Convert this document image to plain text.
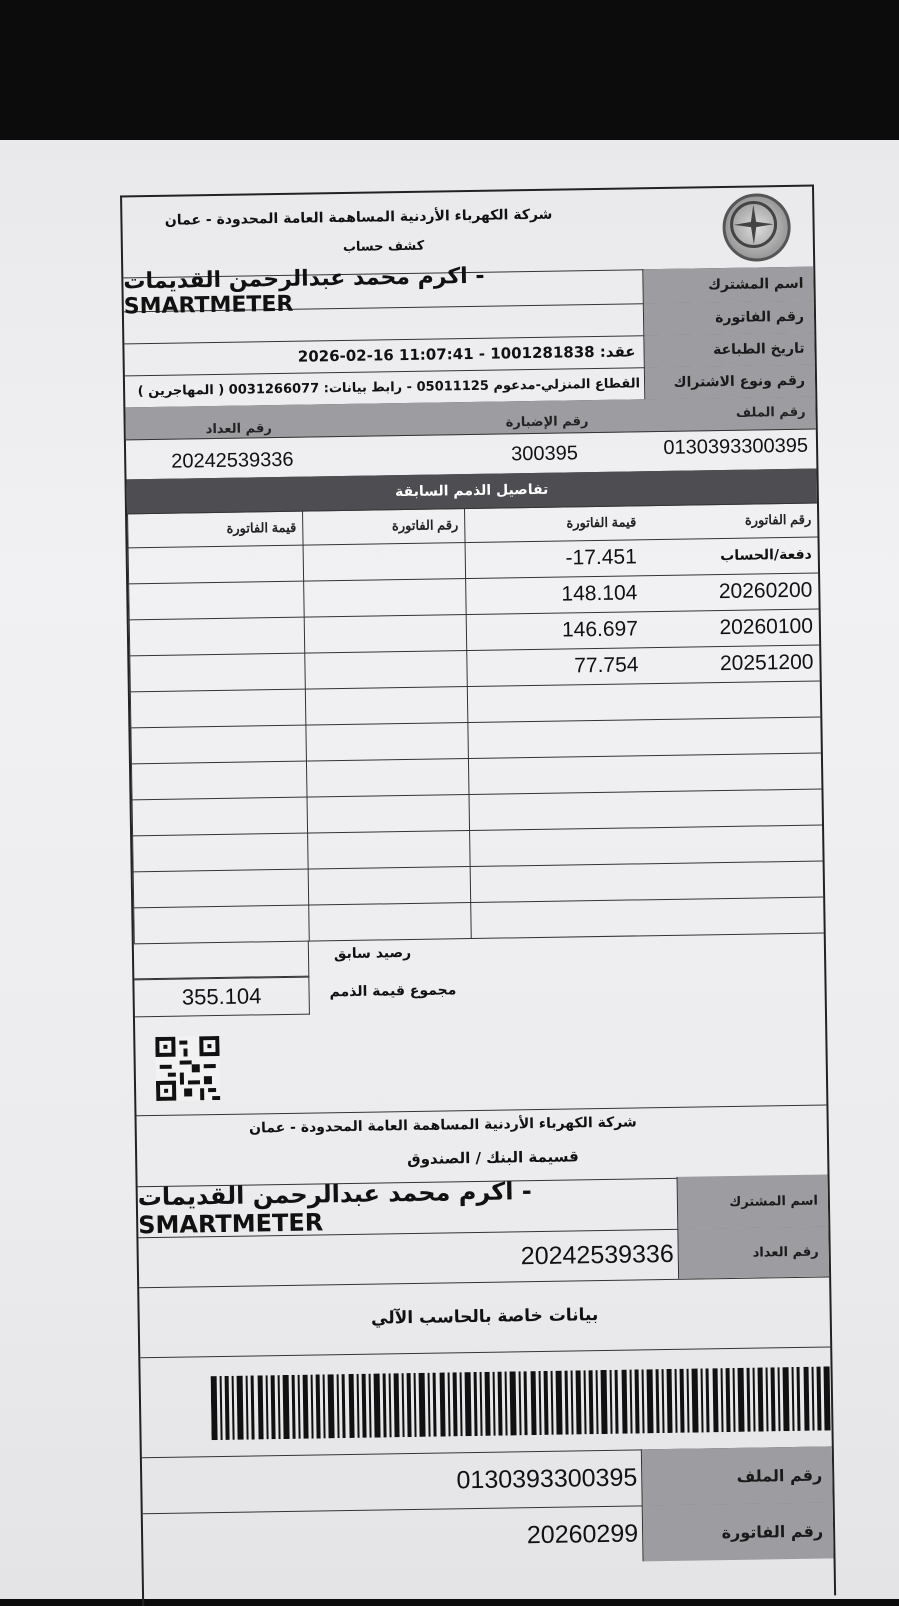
شركة الكهرباء الأردنية المساهمة العامة المحدودة - عمان
كشف حساب
اسم المشترك
اكرم محمد عبدالرحمن القديمات - SMARTMETER	رقم الفاتورة
تاريخ الطباعة
2026-02-16 11:07:41 - عقد: 1001281838
رقم ونوع الاشتراك
القطاع المنزلي-مدعوم 05011125 - رابط بيانات: 0031266077 ( المهاجرين )
رقم الملف
رقم الإضبارة
رقم العداد
0130393300395
300395
20242539336
تفاصيل الذمم السابقة
رقم الفاتورة
قيمة الفاتورة
رقم الفاتورة
قيمة الفاتورة
دفعة/الحساب
-17.451
20260200
148.104
20260100
146.697
20251200
77.754
رصيد سابق
355.104	مجموع قيمة الذمم
شركة الكهرباء الأردنية المساهمة العامة المحدودة - عمان
قسيمة البنك / الصندوق
اسم المشترك
اكرم محمد عبدالرحمن القديمات - SMARTMETER
رقم العداد
20242539336
بيانات خاصة بالحاسب الآلي
رقم الملف
0130393300395
رقم الفاتورة
20260299
